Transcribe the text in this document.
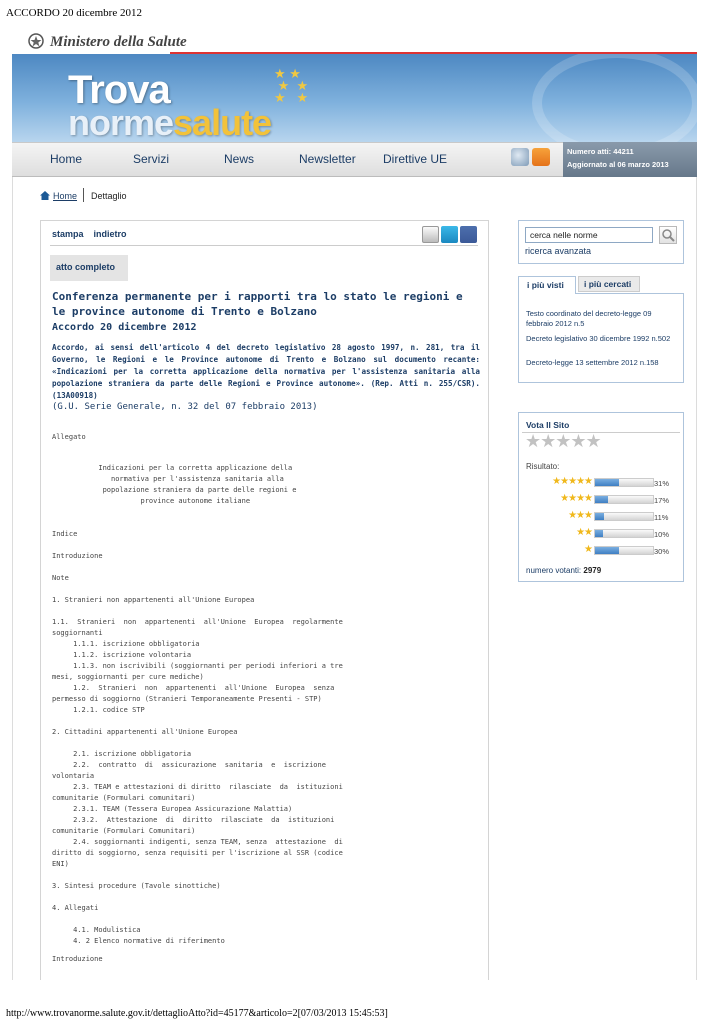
ACCORDO 20 dicembre 2012
http://www.trovanorme.salute.gov.it/dettaglioAtto?id=45177&articolo=2[07/03/2013 15:45:53]
Ministero della Salute
★ ★
★  ★
★   ★
Trova
normesalute
Home	Servizi	News	Newsletter Direttive UE
Numero atti: 44211
Aggiornato al 06 marzo 2013
Home Dettaglio
stampa indietro
atto completo
Conferenza permanente per i rapporti tra lo stato le regioni e le province autonome di Trento e Bolzano
Accordo 20 dicembre 2012
Accordo, ai sensi dell'articolo 4 del decreto legislativo 28 agosto 1997, n. 281, tra il Governo, le Regioni e le Province autonome di Trento e Bolzano sul documento recante: «Indicazioni per la corretta applicazione della normativa per l'assistenza sanitaria alla popolazione straniera da parte delle Regioni e Province autonome». (Rep. Atti n. 255/CSR). (13A00918)
(G.U. Serie Generale, n. 32 del 07 febbraio 2013)
Allegato
Indicazioni per la corretta applicazione della
normativa per l'assistenza sanitaria alla
popolazione straniera da parte delle regioni e
province autonome italiane
Indice
Introduzione
Note
1. Stranieri non appartenenti all'Unione Europea

1.1.  Stranieri  non  appartenenti  all'Unione  Europea  regolarmente
soggiornanti
1.1.1. iscrizione obbligatoria
1.1.2. iscrizione volontaria
1.1.3. non iscrivibili (soggiornanti per periodi inferiori a tre
mesi, soggiornanti per cure mediche)
1.2.  Stranieri  non  appartenenti  all'Unione  Europea  senza
permesso di soggiorno (Stranieri Temporaneamente Presenti - STP)
1.2.1. codice STP

2. Cittadini appartenenti all'Unione Europea

2.1. iscrizione obbligatoria
2.2.  contratto  di  assicurazione  sanitaria  e  iscrizione
volontaria
2.3. TEAM e attestazioni di diritto  rilasciate  da  istituzioni
comunitarie (Formulari comunitari)
2.3.1. TEAM (Tessera Europea Assicurazione Malattia)
2.3.2.  Attestazione  di  diritto  rilasciate  da  istituzioni
comunitarie (Formulari Comunitari)
2.4. soggiornanti indigenti, senza TEAM, senza  attestazione  di
diritto di soggiorno, senza requisiti per l'iscrizione al SSR (codice
ENI)

3. Sintesi procedure (Tavole sinottiche)

4. Allegati

4.1. Modulistica
4. 2 Elenco normative di riferimento
Introduzione
cerca nelle norme
ricerca avanzata
i più visti	i più cercati
Testo coordinato del decreto-legge 09 febbraio 2012 n.5
Decreto legislativo 30 dicembre 1992 n.502
Decreto-legge 13 settembre 2012 n.158
Vota Il Sito
★★★★★
Risultato:
★★★★★	31%
★★★★	17%
★★★	11%
★★	10%
★	30%
numero votanti: 2979
